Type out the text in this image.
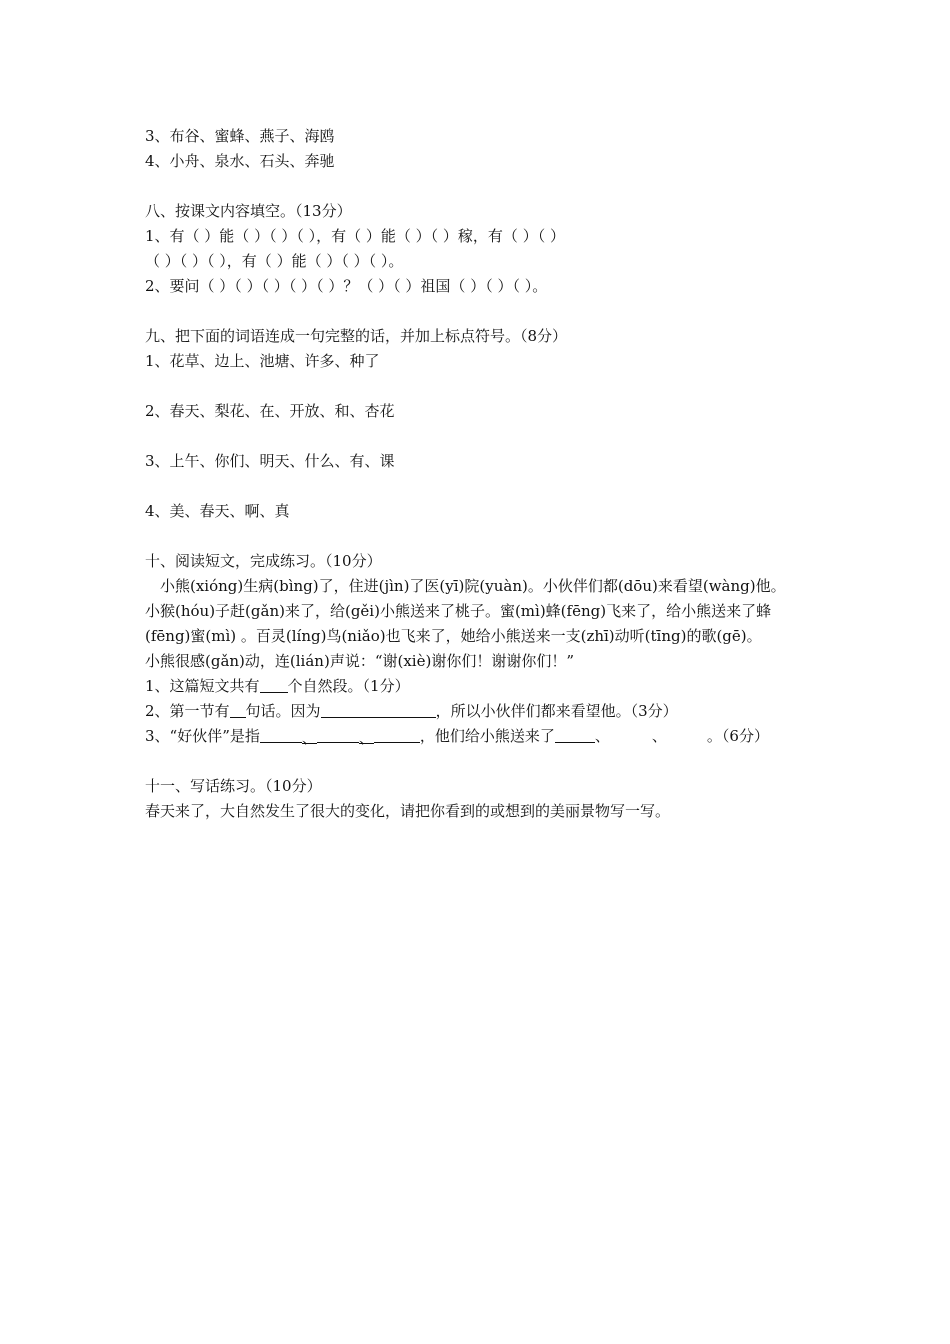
3、布谷、蜜蜂、燕子、海鸥
4、小舟、泉水、石头、奔驰
八、按课文内容填空。（13分）
1、有（ ）能（ ）（ ）（ ），有（ ）能（ ）（ ）稼，有（ ）（ ）
（ ）（ ）（ ），有（ ）能（ ）（ ）（ ）。
2、要问（ ）（ ）（ ）（ ）（ ）？（ ）（ ）祖国（ ）（ ）（ ）。
九、把下面的词语连成一句完整的话，并加上标点符号。（8分）
1、花草、边上、池塘、许多、种了
2、春天、梨花、在、开放、和、杏花
3、上午、你们、明天、什么、有、课
4、美、春天、啊、真
十、阅读短文，完成练习。（10分）
小熊(xióng)生病(bìng)了，住进(jìn)了医(yī)院(yuàn)。小伙伴们都(dōu)来看望(wàng)他。
小猴(hóu)子赶(gǎn)来了，给(gěi)小熊送来了桃子。蜜(mì)蜂(fēng)飞来了，给小熊送来了蜂
(fēng)蜜(mì) 。百灵(líng)鸟(niǎo)也飞来了，她给小熊送来一支(zhī)动听(tīng)的歌(gē)。
小熊很感(gǎn)动，连(lián)声说：“谢(xiè)谢你们！谢谢你们！”
1、这篇短文共有 个自然段。（1分）
2、第一节有 句话。因为	，所以小伙伴们都来看望他。（3分）
3、“好伙伴”是指	、	、	，他们给小熊送来了	、	、	。（6分）
十一、写话练习。（10分）
春天来了，大自然发生了很大的变化，请把你看到的或想到的美丽景物写一写。
